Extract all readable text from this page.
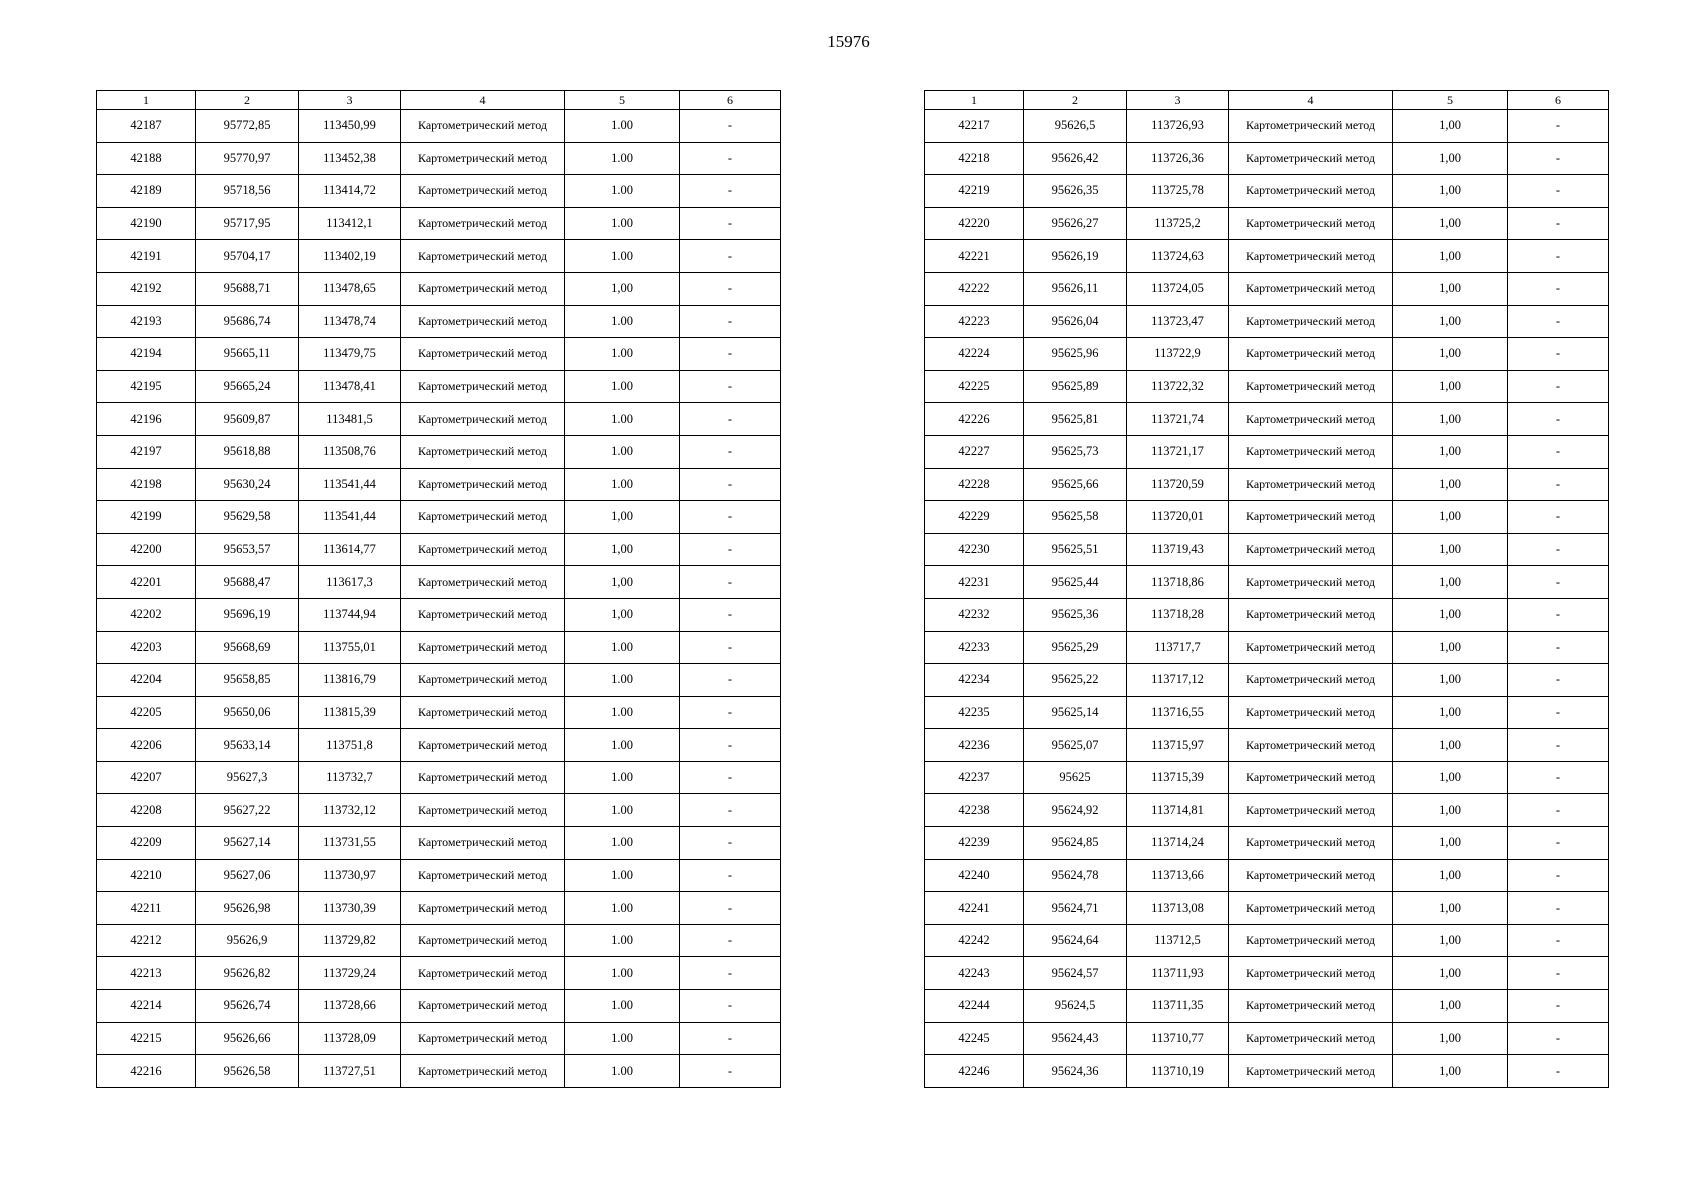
15976
1	2	3	4	5	6
42187	95772,85	113450,99	Картометрический метод	1.00	-
42188	95770,97	113452,38	Картометрический метод	1.00	-
42189	95718,56	113414,72	Картометрический метод	1.00	-
42190	95717,95	113412,1	Картометрический метод	1.00	-
42191	95704,17	113402,19	Картометрический метод	1.00	-
42192	95688,71	113478,65	Картометрический метод	1,00	-
42193	95686,74	113478,74	Картометрический метод	1.00	-
42194	95665,11	113479,75	Картометрический метод	1.00	-
42195	95665,24	113478,41	Картометрический метод	1.00	-
42196	95609,87	113481,5	Картометрический метод	1.00	-
42197	95618,88	113508,76	Картометрический метод	1.00	-
42198	95630,24	113541,44	Картометрический метод	1.00	-
42199	95629,58	113541,44	Картометрический метод	1,00	-
42200	95653,57	113614,77	Картометрический метод	1,00	-
42201	95688,47	113617,3	Картометрический метод	1,00	-
42202	95696,19	113744,94	Картометрический метод	1,00	-
42203	95668,69	113755,01	Картометрический метод	1.00	-
42204	95658,85	113816,79	Картометрический метод	1.00	-
42205	95650,06	113815,39	Картометрический метод	1.00	-
42206	95633,14	113751,8	Картометрический метод	1.00	-
42207	95627,3	113732,7	Картометрический метод	1.00	-
42208	95627,22	113732,12	Картометрический метод	1.00	-
42209	95627,14	113731,55	Картометрический метод	1.00	-
42210	95627,06	113730,97	Картометрический метод	1.00	-
42211	95626,98	113730,39	Картометрический метод	1.00	-
42212	95626,9	113729,82	Картометрический метод	1.00	-
42213	95626,82	113729,24	Картометрический метод	1.00	-
42214	95626,74	113728,66	Картометрический метод	1.00	-
42215	95626,66	113728,09	Картометрический метод	1.00	-
42216	95626,58	113727,51	Картометрический метод	1.00	-
1	2	3	4	5	6
42217	95626,5	113726,93	Картометрический метод	1,00	-
42218	95626,42	113726,36	Картометрический метод	1,00	-
42219	95626,35	113725,78	Картометрический метод	1,00	-
42220	95626,27	113725,2	Картометрический метод	1,00	-
42221	95626,19	113724,63	Картометрический метод	1,00	-
42222	95626,11	113724,05	Картометрический метод	1,00	-
42223	95626,04	113723,47	Картометрический метод	1,00	-
42224	95625,96	113722,9	Картометрический метод	1,00	-
42225	95625,89	113722,32	Картометрический метод	1,00	-
42226	95625,81	113721,74	Картометрический метод	1,00	-
42227	95625,73	113721,17	Картометрический метод	1,00	-
42228	95625,66	113720,59	Картометрический метод	1,00	-
42229	95625,58	113720,01	Картометрический метод	1,00	-
42230	95625,51	113719,43	Картометрический метод	1,00	-
42231	95625,44	113718,86	Картометрический метод	1,00	-
42232	95625,36	113718,28	Картометрический метод	1,00	-
42233	95625,29	113717,7	Картометрический метод	1,00	-
42234	95625,22	113717,12	Картометрический метод	1,00	-
42235	95625,14	113716,55	Картометрический метод	1,00	-
42236	95625,07	113715,97	Картометрический метод	1,00	-
42237	95625	113715,39	Картометрический метод	1,00	-
42238	95624,92	113714,81	Картометрический метод	1,00	-
42239	95624,85	113714,24	Картометрический метод	1,00	-
42240	95624,78	113713,66	Картометрический метод	1,00	-
42241	95624,71	113713,08	Картометрический метод	1,00	-
42242	95624,64	113712,5	Картометрический метод	1,00	-
42243	95624,57	113711,93	Картометрический метод	1,00	-
42244	95624,5	113711,35	Картометрический метод	1,00	-
42245	95624,43	113710,77	Картометрический метод	1,00	-
42246	95624,36	113710,19	Картометрический метод	1,00	-
